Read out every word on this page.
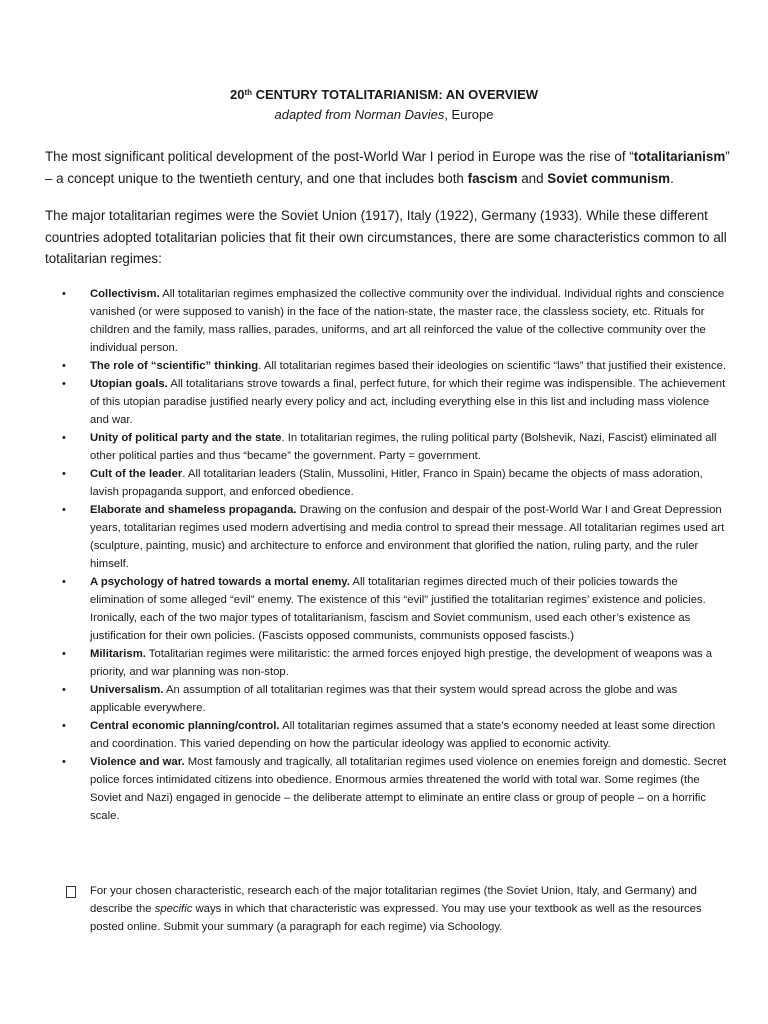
20th CENTURY TOTALITARIANISM: AN OVERVIEW
adapted from Norman Davies, Europe
The most significant political development of the post-World War I period in Europe was the rise of “totalitarianism” – a concept unique to the twentieth century, and one that includes both fascism and Soviet communism.
The major totalitarian regimes were the Soviet Union (1917), Italy (1922), Germany (1933). While these different countries adopted totalitarian policies that fit their own circumstances, there are some characteristics common to all totalitarian regimes:
• Collectivism. All totalitarian regimes emphasized the collective community over the individual. Individual rights and conscience vanished (or were supposed to vanish) in the face of the nation-state, the master race, the classless society, etc. Rituals for children and the family, mass rallies, parades, uniforms, and art all reinforced the value of the collective community over the individual person.
• The role of “scientific” thinking. All totalitarian regimes based their ideologies on scientific “laws” that justified their existence.
• Utopian goals. All totalitarians strove towards a final, perfect future, for which their regime was indispensible. The achievement of this utopian paradise justified nearly every policy and act, including everything else in this list and including mass violence and war.
• Unity of political party and the state. In totalitarian regimes, the ruling political party (Bolshevik, Nazi, Fascist) eliminated all other political parties and thus “became” the government. Party = government.
• Cult of the leader. All totalitarian leaders (Stalin, Mussolini, Hitler, Franco in Spain) became the objects of mass adoration, lavish propaganda support, and enforced obedience.
• Elaborate and shameless propaganda. Drawing on the confusion and despair of the post-World War I and Great Depression years, totalitarian regimes used modern advertising and media control to spread their message. All totalitarian regimes used art (sculpture, painting, music) and architecture to enforce and environment that glorified the nation, ruling party, and the ruler himself.
• A psychology of hatred towards a mortal enemy. All totalitarian regimes directed much of their policies towards the elimination of some alleged “evil” enemy. The existence of this “evil” justified the totalitarian regimes’ existence and policies. Ironically, each of the two major types of totalitarianism, fascism and Soviet communism, used each other’s existence as justification for their own policies. (Fascists opposed communists, communists opposed fascists.)
• Militarism. Totalitarian regimes were militaristic: the armed forces enjoyed high prestige, the development of weapons was a priority, and war planning was non-stop.
• Universalism. An assumption of all totalitarian regimes was that their system would spread across the globe and was applicable everywhere.
• Central economic planning/control. All totalitarian regimes assumed that a state’s economy needed at least some direction and coordination. This varied depending on how the particular ideology was applied to economic activity.
• Violence and war. Most famously and tragically, all totalitarian regimes used violence on enemies foreign and domestic. Secret police forces intimidated citizens into obedience. Enormous armies threatened the world with total war. Some regimes (the Soviet and Nazi) engaged in genocide – the deliberate attempt to eliminate an entire class or group of people – on a horrific scale.
For your chosen characteristic, research each of the major totalitarian regimes (the Soviet Union, Italy, and Germany) and describe the specific ways in which that characteristic was expressed. You may use your textbook as well as the resources posted online. Submit your summary (a paragraph for each regime) via Schoology.
